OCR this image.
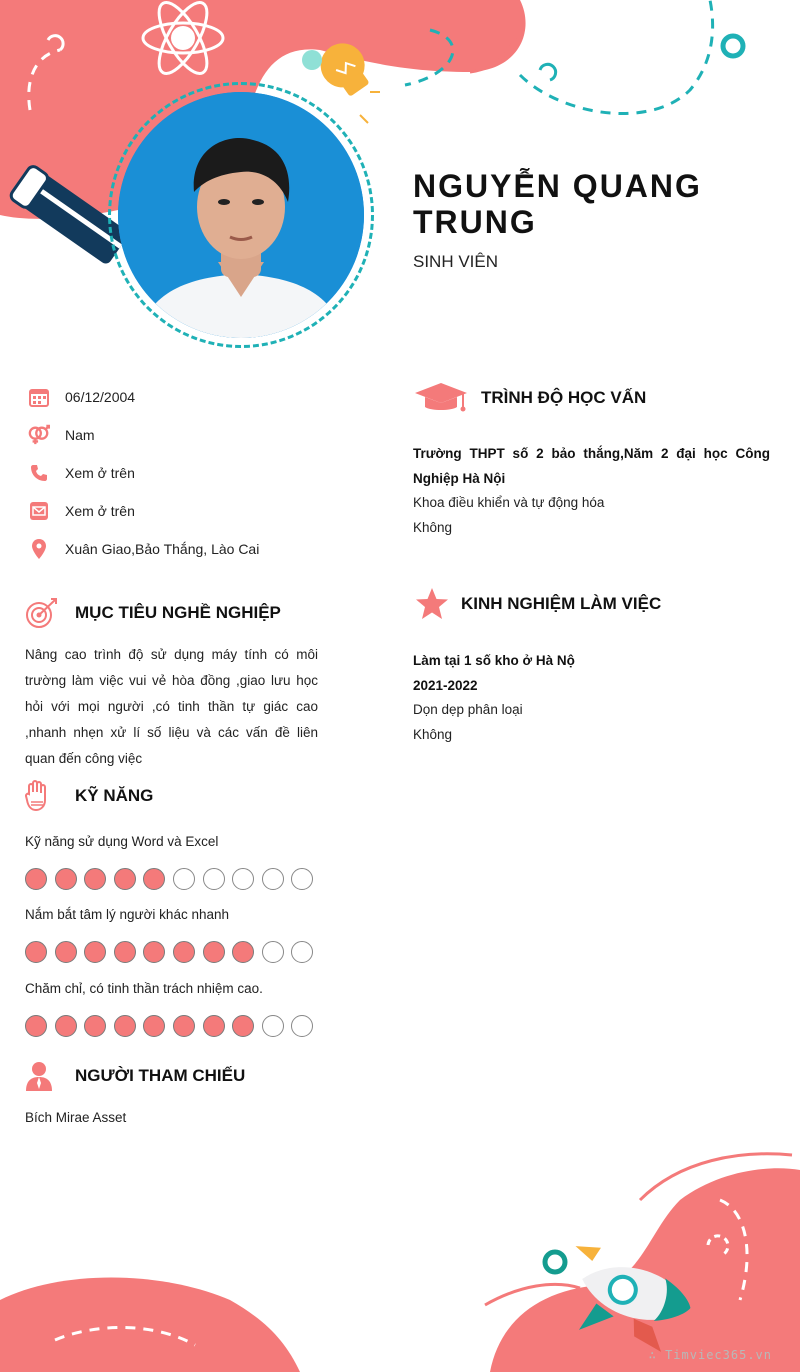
NGUYỄN QUANG TRUNG
SINH VIÊN
06/12/2004
Nam
Xem ở trên
Xem ở trên
Xuân Giao,Bảo Thắng, Lào Cai
MỤC TIÊU NGHỀ NGHIỆP
Nâng cao trình độ sử dụng máy tính có môi trường làm việc vui vẻ hòa đồng ,giao lưu học hỏi với mọi người ,có tinh thần tự giác cao ,nhanh nhẹn xử lí số liệu và các vấn đề liên quan đến công việc
KỸ NĂNG
Kỹ năng sử dụng Word và Excel
Nắm bắt tâm lý người khác nhanh
Chăm chỉ, có tinh thần trách nhiệm cao.
NGƯỜI THAM CHIẾU
Bích Mirae Asset
TRÌNH ĐỘ HỌC VẤN
Trường THPT số 2 bảo thắng,Năm 2 đại học Công Nghiệp Hà Nội
Khoa điều khiển và tự động hóa
Không
KINH NGHIỆM LÀM VIỆC
Làm tại 1 số kho ở Hà Nộ
2021-2022
Dọn dẹp phân loại
Không
∴ Timviec365.vn
